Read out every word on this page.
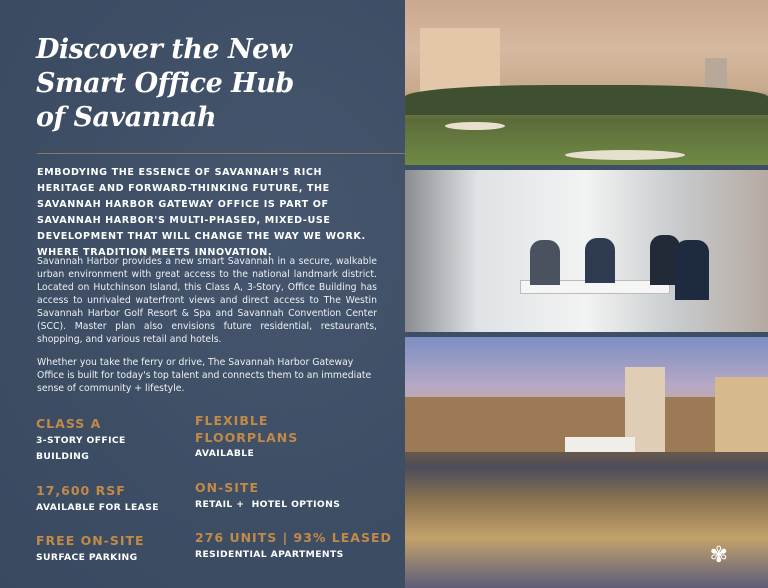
Discover the New
Smart Office Hub
of Savannah

EMBODYING THE ESSENCE OF SAVANNAH'S RICH HERITAGE AND FORWARD-THINKING FUTURE, THE SAVANNAH HARBOR GATEWAY OFFICE IS PART OF SAVANNAH HARBOR'S MULTI-PHASED, MIXED-USE DEVELOPMENT THAT WILL CHANGE THE WAY WE WORK. WHERE TRADITION MEETS INNOVATION.

Savannah Harbor provides a new smart Savannah in a secure, walkable urban environment with great access to the national landmark district. Located on Hutchinson Island, this Class A, 3-Story, Office Building has access to unrivaled waterfront views and direct access to The Westin Savannah Harbor Golf Resort & Spa and Savannah Convention Center (SCC). Master plan also envisions future residential, restaurants, shopping, and various retail and hotels.

Whether you take the ferry or drive, The Savannah Harbor Gateway Office is built for today's top talent and connects them to an immediate sense of community + lifestyle.

CLASS A
3-STORY OFFICE BUILDING
FLEXIBLE FLOORPLANS
AVAILABLE
17,600 RSF
AVAILABLE FOR LEASE
ON-SITE
RETAIL +  HOTEL OPTIONS
FREE ON-SITE
SURFACE PARKING
276 UNITS | 93% LEASED
RESIDENTIAL APARTMENTS	✾
